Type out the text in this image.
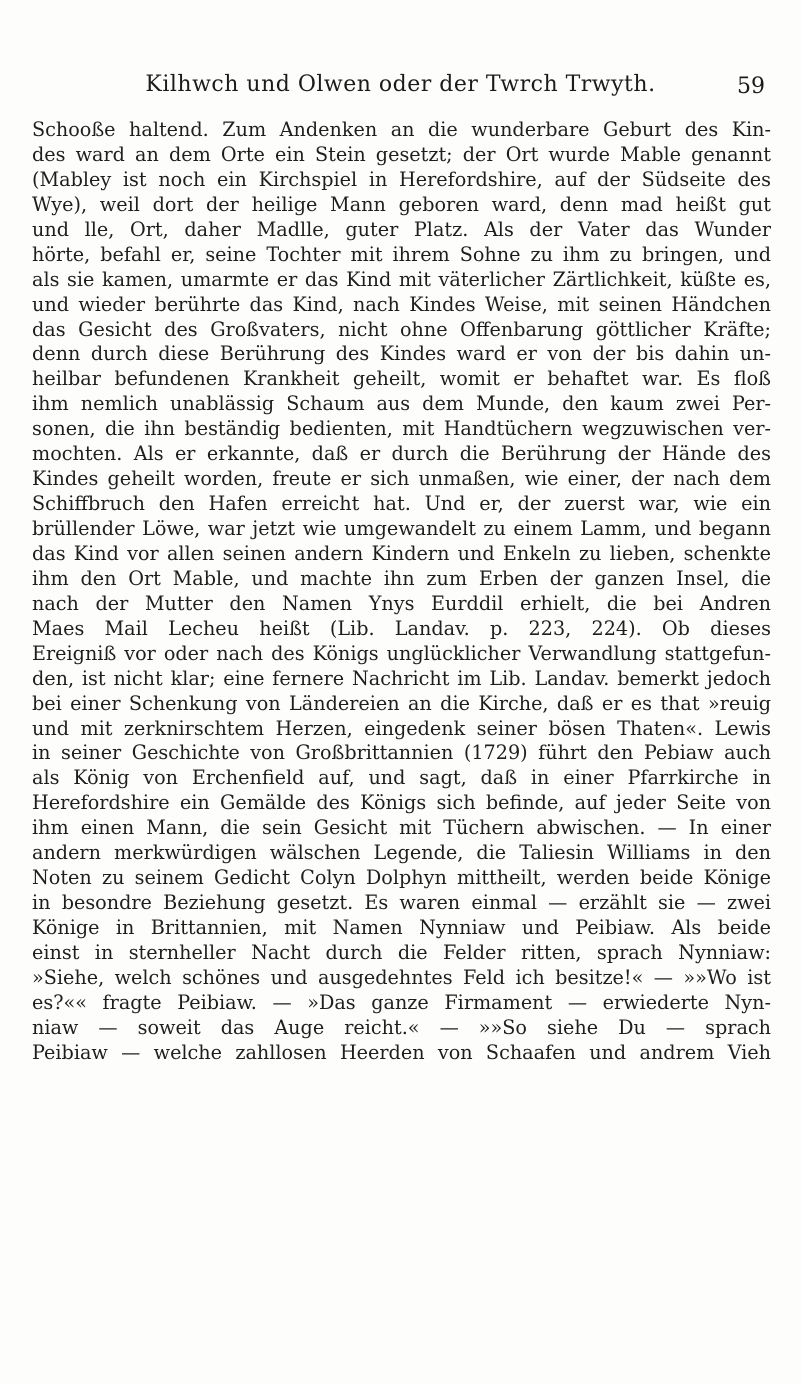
Kilhwch und Olwen oder der Twrch Trwyth.	59
Schooße haltend. Zum Andenken an die wunderbare Geburt des Kin-
des ward an dem Orte ein Stein gesetzt; der Ort wurde Mable genannt
(Mabley ist noch ein Kirchspiel in Herefordshire, auf der Südseite des
Wye), weil dort der heilige Mann geboren ward, denn mad heißt gut
und lle, Ort, daher Madlle, guter Platz. Als der Vater das Wunder
hörte, befahl er, seine Tochter mit ihrem Sohne zu ihm zu bringen, und
als sie kamen, umarmte er das Kind mit väterlicher Zärtlichkeit, küßte es,
und wieder berührte das Kind, nach Kindes Weise, mit seinen Händchen
das Gesicht des Großvaters, nicht ohne Offenbarung göttlicher Kräfte;
denn durch diese Berührung des Kindes ward er von der bis dahin un-
heilbar befundenen Krankheit geheilt, womit er behaftet war. Es floß
ihm nemlich unablässig Schaum aus dem Munde, den kaum zwei Per-
sonen, die ihn beständig bedienten, mit Handtüchern wegzuwischen ver-
mochten. Als er erkannte, daß er durch die Berührung der Hände des
Kindes geheilt worden, freute er sich unmaßen, wie einer, der nach dem
Schiffbruch den Hafen erreicht hat. Und er, der zuerst war, wie ein
brüllender Löwe, war jetzt wie umgewandelt zu einem Lamm, und begann
das Kind vor allen seinen andern Kindern und Enkeln zu lieben, schenkte
ihm den Ort Mable, und machte ihn zum Erben der ganzen Insel, die
nach der Mutter den Namen Ynys Eurddil erhielt, die bei Andren
Maes Mail Lecheu heißt (Lib. Landav. p. 223, 224). Ob dieses
Ereigniß vor oder nach des Königs unglücklicher Verwandlung stattgefun-
den, ist nicht klar; eine fernere Nachricht im Lib. Landav. bemerkt jedoch
bei einer Schenkung von Ländereien an die Kirche, daß er es that »reuig
und mit zerknirschtem Herzen, eingedenk seiner bösen Thaten«. Lewis
in seiner Geschichte von Großbrittannien (1729) führt den Pebiaw auch
als König von Erchenfield auf, und sagt, daß in einer Pfarrkirche in
Herefordshire ein Gemälde des Königs sich befinde, auf jeder Seite von
ihm einen Mann, die sein Gesicht mit Tüchern abwischen. — In einer
andern merkwürdigen wälschen Legende, die Taliesin Williams in den
Noten zu seinem Gedicht Colyn Dolphyn mittheilt, werden beide Könige
in besondre Beziehung gesetzt. Es waren einmal — erzählt sie — zwei
Könige in Brittannien, mit Namen Nynniaw und Peibiaw. Als beide
einst in sternheller Nacht durch die Felder ritten, sprach Nynniaw:
»Siehe, welch schönes und ausgedehntes Feld ich besitze!« — »»Wo ist
es?«« fragte Peibiaw. — »Das ganze Firmament — erwiederte Nyn-
niaw — soweit das Auge reicht.« — »»So siehe Du — sprach
Peibiaw — welche zahllosen Heerden von Schaafen und andrem Vieh
